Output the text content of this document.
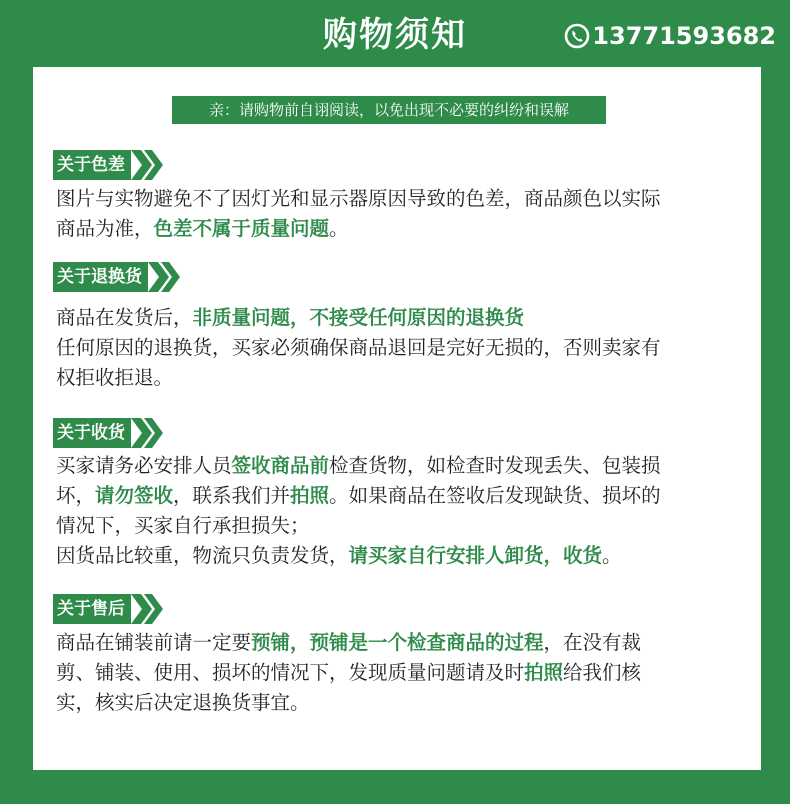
购物须知	13771593682
亲：请购物前自诩阅读，以免出现不必要的纠纷和误解
关于色差
图片与实物避免不了因灯光和显示器原因导致的色差，商品颜色以实际
商品为准，色差不属于质量问题。
关于退换货
商品在发货后，非质量问题，不接受任何原因的退换货
任何原因的退换货，买家必须确保商品退回是完好无损的，否则卖家有
权拒收拒退。
关于收货
买家请务必安排人员签收商品前检查货物，如检查时发现丢失、包装损
坏，请勿签收，联系我们并拍照。如果商品在签收后发现缺货、损坏的
情况下，买家自行承担损失；
因货品比较重，物流只负责发货，请买家自行安排人卸货，收货。
关于售后
商品在铺装前请一定要预铺，预铺是一个检查商品的过程，在没有裁
剪、铺装、使用、损坏的情况下，发现质量问题请及时拍照给我们核
实，核实后决定退换货事宜。
